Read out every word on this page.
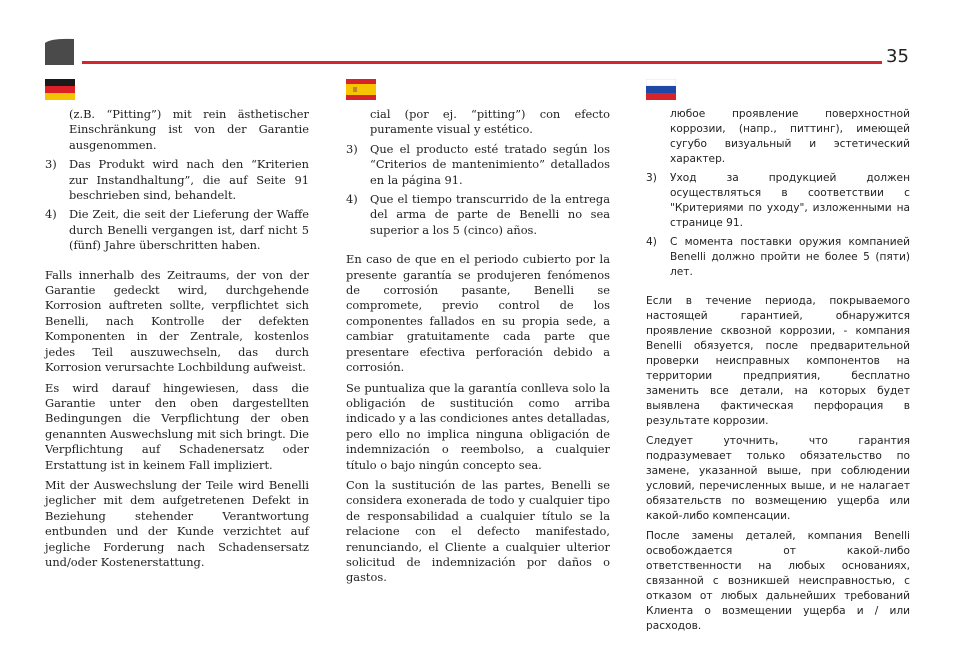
35

(z.B. “Pitting”) mit rein ästhetischer Einschränkung ist von der Garantie ausgenommen.

3) Das Produkt wird nach den “Kriterien zur Instandhaltung”, die auf Seite 91 beschrieben sind, behandelt.
4) Die Zeit, die seit der Lieferung der Waffe durch Benelli vergangen ist, darf nicht 5 (fünf) Jahre überschritten haben.

Falls innerhalb des Zeitraums, der von der Garantie gedeckt wird, durchgehende Korrosion auftreten sollte, verpflichtet sich Benelli, nach Kontrolle der defekten Komponenten in der Zentrale, kostenlos jedes Teil auszuwechseln, das durch Korrosion verursachte Lochbildung aufweist.

Es wird darauf hingewiesen, dass die Garantie unter den oben dargestellten Bedingungen die Verpflichtung der oben genannten Auswechslung mit sich bringt. Die Verpflichtung auf Schadenersatz oder Erstattung ist in keinem Fall impliziert.

Mit der Auswechslung der Teile wird Benelli jeglicher mit dem aufgetretenen Defekt in Beziehung stehender Verantwortung entbunden und der Kunde verzichtet auf jegliche Forderung nach Schadensersatz und/oder Kostenerstattung.

cial (por ej. “pitting”) con efecto puramente visual y estético.

3) Que el producto esté tratado según los “Criterios de mantenimiento” detallados en la página 91.
4) Que el tiempo transcurrido de la entrega del arma de parte de Benelli no sea superior a los 5 (cinco) años.

En caso de que en el periodo cubierto por la presente garantía se produjeren fenómenos de corrosión pasante, Benelli se compromete, previo control de los componentes fallados en su propia sede, a cambiar gratuitamente cada parte que presentare efectiva perforación debido a corrosión.

Se puntualiza que la garantía conlleva solo la obligación de sustitución como arriba indicado y a las condiciones antes detalladas, pero ello no implica ninguna obligación de indemnización o reembolso, a cualquier título o bajo ningún concepto sea.

Con la sustitución de las partes, Benelli se considera exonerada de todo y cualquier tipo de responsabilidad a cualquier título se la relacione con el defecto manifestado, renunciando, el Cliente a cualquier ulterior solicitud de indemnización por daños o gastos.

любое проявление поверхностной коррозии, (напр., питтинг), имеющей сугубо визуальный и эстетический характер.

3) Уход за продукцией должен осуществляться в соответствии с "Критериями по уходу", изложенными на странице 91.
4) С момента поставки оружия компанией Benelli должно пройти не более 5 (пяти) лет.

Если в течение периода, покрываемого настоящей гарантией, обнаружится проявление сквозной коррозии, - компания Benelli обязуется, после предварительной проверки неисправных компонентов на территории предприятия, бесплатно заменить все детали, на которых будет выявлена фактическая перфорация в результате коррозии.

Следует уточнить, что гарантия подразумевает только обязательство по замене, указанной выше, при соблюдении условий, перечисленных выше, и не налагает обязательств по возмещению ущерба или какой-либо компенсации.

После замены деталей, компания Benelli освобождается от какой-либо ответственности на любых основаниях, связанной с возникшей неисправностью, с отказом от любых дальнейших требований Клиента о возмещении ущерба и / или расходов.
